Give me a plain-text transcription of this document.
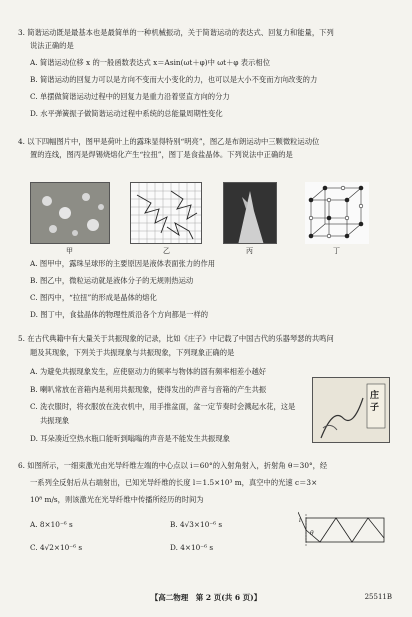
3. 简谐运动既是最基本也是最简单的一种机械振动，关于简谐运动的表达式、回复力和能量，下列
说法正确的是
A. 简谐运动位移 x 的一般函数表达式 x＝Asin(ωt＋φ)中 ωt＋φ 表示相位
B. 简谐运动的回复力可以是方向不变而大小变化的力，也可以是大小不变而方向改变的力
C. 单摆做简谐运动过程中的回复力是重力沿着竖直方向的分力
D. 水平弹簧振子做简谐运动过程中系统的总能量周期性变化
4. 以下四幅图片中，图甲是荷叶上的露珠显得特别“明亮”，图乙是布朗运动中三颗微粒运动位
置的连线，图丙是焊锡烧熔化产生“拉扭”，图丁是食盐晶体。下列说法中正确的是
甲	乙	丙	丁
A. 图甲中，露珠呈球形的主要原因是液体表面张力的作用
B. 图乙中，微粒运动就是液体分子的无规则热运动
C. 图丙中，“拉扭”的形成是晶体的熔化
D. 图丁中，食盐晶体的物理性质沿各个方向都是一样的
5. 在古代典籍中有大量关于共振现象的记录，比如《庄子》中记载了中国古代的乐器琴瑟的共鸣问
题及其现象，下列关于共振现象与共振现象，下列现象正确的是
A. 为避免共振现象发生，应使驱动力的频率与物体的固有频率相差小越好
B. 喇叭常放在音箱内是利用共振现象，使得发出的声音与音箱的产生共振
C. 洗衣服时，将衣服放在洗衣机中，用手推盆面，盆一定节奏时会溅起水花，这是
共振现象
D. 耳朵凑近空热水瓶口能听到嗡嗡的声音是不能发生共振现象
庄子
6. 如图所示，一细束激光由光导纤维左端的中心点以 i＝60°的入射角射入，折射角 θ＝30°，经
一系列全反射后从右端射出，已知光导纤维的长度 l＝1.5×10³ m，真空中的光速 c＝3×
10⁸ m/s，则该激光在光导纤维中传播所经历的时间为
A. 8×10⁻⁶ s	B. 4√3×10⁻⁶ s
C. 4√2×10⁻⁶ s	D. 4×10⁻⁶ s
i
θ
【高二物理　第 2 页(共 6 页)】	25511B
